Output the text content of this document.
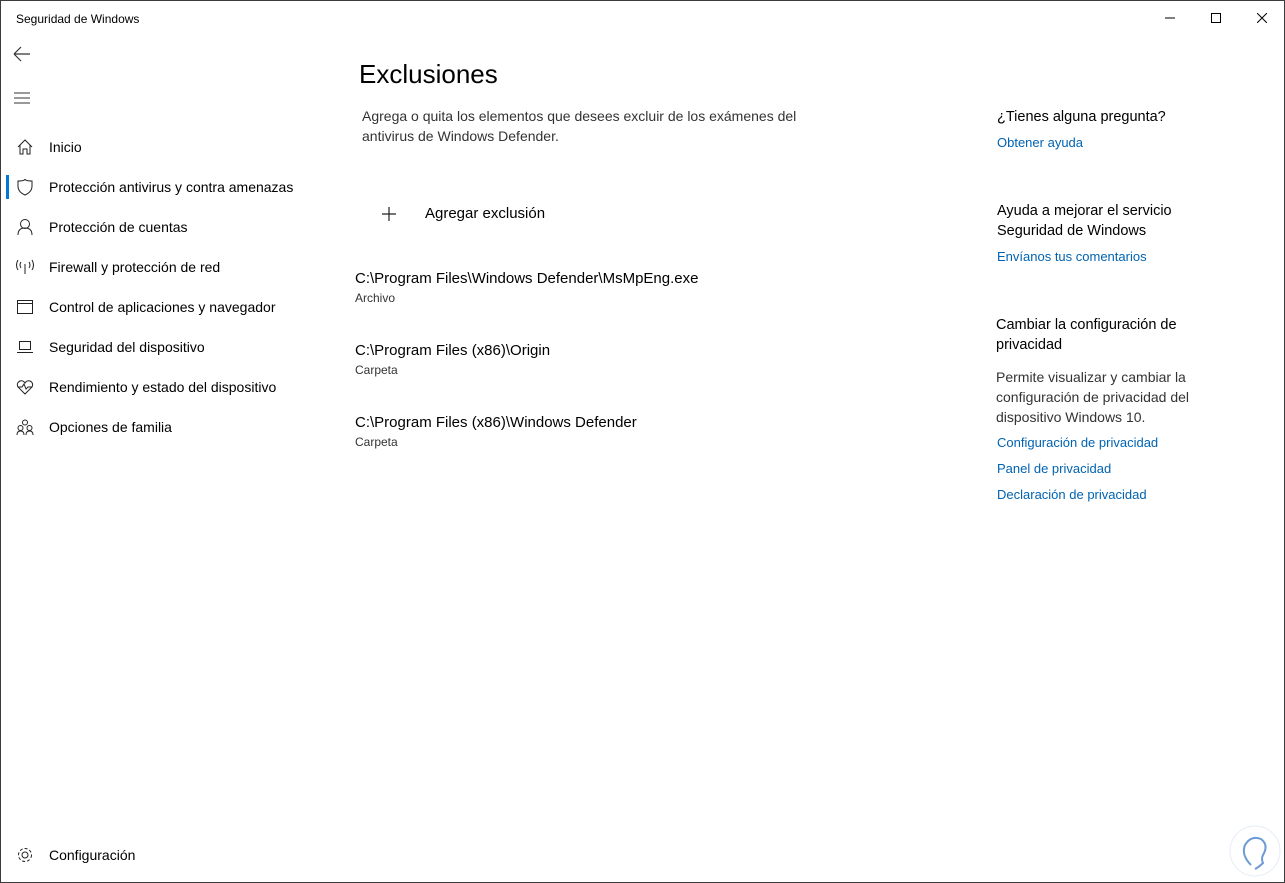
Seguridad de Windows
Inicio
Protección antivirus y contra amenazas
Protección de cuentas
Firewall y protección de red
Control de aplicaciones y navegador
Seguridad del dispositivo
Rendimiento y estado del dispositivo
Opciones de familia
Configuración
Exclusiones
Agrega o quita los elementos que desees excluir de los exámenes del antivirus de Windows Defender.
Agregar exclusión
C:\Program Files\Windows Defender\MsMpEng.exe
Archivo
C:\Program Files (x86)\Origin
Carpeta
C:\Program Files (x86)\Windows Defender
Carpeta
¿Tienes alguna pregunta?
Obtener ayuda
Ayuda a mejorar el servicio Seguridad de Windows
Envíanos tus comentarios
Cambiar la configuración de privacidad
Permite visualizar y cambiar la configuración de privacidad del dispositivo Windows 10.
Configuración de privacidad
Panel de privacidad
Declaración de privacidad
